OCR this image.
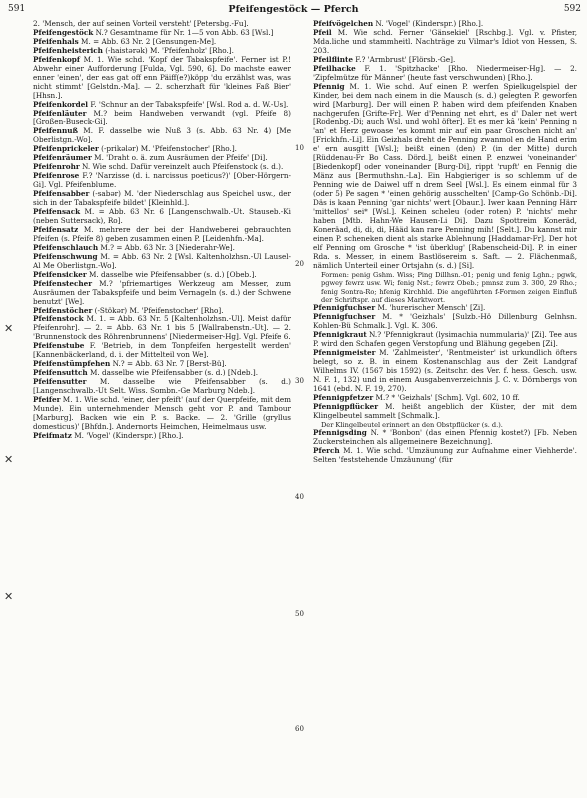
591	Pfeifengestöck — Pferch	592
✕
✕
✕
10
20
30
40
50
60

2. 'Mensch, der auf seinen Vorteil versteht' [Petersbg.-Fu].

Pfeifengestöck N.? Gesamtname für Nr. 1—5 von Abb. 63 [Wsl.]

Pfeifenhals M. = Abb. 63 Nr. 2 [Gensungen-Me].

Pfeifenheisterich (-haistərək) M. 'Pfeifenholz' [Rho.].

Pfeifenkopf M. 1. Wie schd. 'Kopf der Tabakspfeife'. Ferner ist P.! Abwehr einer Aufforderung [Fulda, Vgl. 590, 6]. Do machste eawer enner 'einen', der eas gat off enn Päiff(e?)köpp 'du erzählst was, was nicht stimmt' [Gelstdn.-Ma]. — 2. scherzhaft für 'kleines Faß Bier' [Hhsn.].

Pfeifenkordel F. 'Schnur an der Tabakspfeife' [Wsl. Rod a. d. W.-Us].

Pfeifenläuter M.? beim Handweben verwandt (vgl. Pfeife 8) [Großen-Buseck-Gi].

Pfeifennuß M. F. dasselbe wie Nuß 3 (s. Abb. 63 Nr. 4) [Me Oberlistgn.-Wo].

Pfeifenprickeler (-prikələr) M. 'Pfeifenstocher' [Rho.].

Pfeifenräumer M. 'Draht o. ä. zum Ausräumen der Pfeife' [Di].

Pfeifenrohr N. Wie schd. Dafür vereinzelt auch Pfeifenstock (s. d.).

Pfeifenrose F.? 'Narzisse (d. i. narcissus poeticus?)' [Ober-Hörgern-Gi]. Vgl. Pfeifenblume.

Pfeifensabber (-sabər) M. 'der Niederschlag aus Speichel usw., der sich in der Tabakspfeife bildet' [Kleinhld.].

Pfeifensack M. = Abb. 63 Nr. 6 [Langenschwalb.-Ut. Stauseb.-Ki (neben Suttersack), Ro].

Pfeifensatz M. mehrere der bei der Handweberei gebrauchten Pfeifen (s. Pfeife 8) geben zusammen einen P. [Leidenhfn.-Ma].

Pfeifenschlauch M.? = Abb. 63 Nr. 3 [Niederahr-We].

Pfeifenschwung M. = Abb. 63 Nr. 2 [Wsl. Kaltenholzhsn.-Ul Lausel-Al Me Oberlistgn.-Wo].

Pfeifensicker M. dasselbe wie Pfeifensabber (s. d.) [Obeb.].

Pfeifenstecher M.? 'pfriemartiges Werkzeug am Messer, zum Ausräumen der Tabakspfeife und beim Vernageln (s. d.) der Schwene benutzt' [We].

Pfeifenstöcher (-Stökər) M. 'Pfeifenstocher' [Rho].

Pfeifenstock M. 1. = Abb. 63 Nr. 5 [Kaltenholzhsn.-Ul]. Meist dafür Pfeifenrohr]. — 2. = Abb. 63 Nr. 1 bis 5 [Wallrabenstn.-Ut]. — 2. 'Brunnenstock des Röhrenbrunnens' [Niedermeiser-Hg]. Vgl. Pfeife 6.

Pfeifenstube F. 'Betrieb, in dem Tonpfeifen hergestellt werden' [Kannenbäckerland, d. i. der Mittelteil von We].

Pfeifenstümpfehen N.? = Abb. 63 Nr. 7 [Berst-Bü].

Pfeifensuttch M. dasselbe wie Pfeifensabber (s. d.) [Ndeb.].

Pfeifensutter M. dasselbe wie Pfeifensabber (s. d.) [Langenschwalb.-Ut Selt. Wiss. Sombn.-Ge Marburg Ndeb.].

Pfeifer M. 1. Wie schd. 'einer, der pfeift' (auf der Querpfeife, mit dem Munde). Ein unternehmender Mensch geht vor P. and Tambour [Marburg]. Backen wie ein P. s. Backe. — 2. 'Grille (gryllus domesticus)' [Bhfdn.]. Andernorts Heimchen, Heimelmaus usw.

Pfeifmatz M. 'Vogel' (Kinderspr.) [Rho.].

Pfeifvögelchen N. 'Vogel' (Kinderspr.) [Rho.].

Pfeil M. Wie schd. Ferner 'Gänsekiel' [Rschbg.]. Vgl. v. Pfister, Mda.liche und stammheitl. Nachträge zu Vilmar's Idiot von Hessen, S. 203.

Pfeilflinte F.? 'Armbrust' [Flörsb.-Ge].

Pfeilhacke F. 1. 'Spitzhacke' [Rho. Niedermeiser-Hg]. — 2. 'Zipfelmütze für Männer' (heute fast verschwunden) [Rho.].

Pfennig M. 1. Wie schd. Auf einen P. werfen Spielkugelspiel der Kinder, bei dem nach einem in die Mausch (s. d.) gelegten P. geworfen wird [Marburg]. Der will einen P. haben wird dem pfeifenden Knaben nachgerufen [Grifte-Fr]. Wer d'Penning net ehrt, es d' Daler net wert [Rodenbg.-Di; auch Wsl. und wohl öfter]. Et es mer kâ 'kein' Penning n 'an' et Herz gewoase 'es kommt mir auf ein paar Groschen nicht an' [Frickhfn.-Li]. Ein Geizhals dreht de Penning zwanmol en de Hand erim e' ern ausgitt [Wsl.]; beißt einen (den) P. (in der Mitte) durch [Rüddenau-Fr Bo Cass. Dörd.], beißt einen P. enzwei 'voneinander' [Biedenkopf] oder voneinander [Burg-Di], rippt 'rupft' en Fennig die Mänz aus [Bermuthshn.-La]. Ein Habgieriger is so schlemm uf de Penning wie de Daiwel uff n drem Seel [Wsl.]. Es einem einmal für 3 (oder 5) Pe sagen * 'einen gehörig ausschelten' [Camp-Go Schönb.-Di]. Däs is kaan Penning 'gar nichts' wert [Obaur.]. Iwer kaan Penning Härr 'mittellos' sei* [Wsl.]. Keinen scheleu (oder roten) P. 'nichts' mehr haben [Mtb. Hahn-We Hausen-Li Di]. Dazu Spottreim Koneräd, Koneräad, di, di, di, Hääd kan rare Penning mih! [Selt.]. Du kannst mir einen P. scheneken dient als starke Ablehnung [Haddamar-Fr]. Der hot elf Penning om Grosche * 'ist überklug' [Rabenscheid-Di]. P. in einer Rda. s. Messer, in einem Bastlösereim s. Saft. — 2. Flächenmaß, nämlich Unterteil einer Ortsjahn (s. d.) [Si].

Formen: penig Gshm. Wiss; Ping Dillhsn.-01; penig und fenig Lghn.; pgwk, pgwey fewrz usw. Wi; fenig Nst.; fewrz Obeb.; pmnsz zum 3. 300, 29 Rho.; fenig Sontra-Ro; hfenig Kirchhld. Die angeführten f-Formen zeigen Einfluß der Schriftspr. auf dieses Marktwort.

Pfennigfuchser M. 'hurerischer Mensch' [Zi].

Pfennigfuchser M. * 'Geizhals' [Sulzb.-Hö Dillenburg Gelnhsn. Kohlen-Bü Schmalk.]. Vgl. K. 306.

Pfennigkraut N.? 'Pfennigkraut (lysimachia nummularia)' [Zi]. Tee aus P. wird den Schafen gegen Verstopfung und Blähung gegeben [Zi].

Pfennigmeister M. 'Zahlmeister', 'Rentmeister' ist urkundlich öfters belegt, so z. B. in einem Kostenanschlag aus der Zeit Landgraf Wilhelms IV. (1567 bis 1592) (s. Zeitschr. des Ver. f. hess. Gesch. usw. N. F. 1, 132) und in einem Ausgabenverzeichnis J. C. v. Dörnbergs von 1641 (ebd. N. F. 19, 270).

Pfennigpfetzer M.? * 'Geizhals' [Schm]. Vgl. 602, 10 ff.

Pfennigpflücker M. heißt angeblich der Küster, der mit dem Klingelbeutel sammelt [Schmalk.].

Der Klingelbeutel erinnert an den Obstpflücker (s. d.).

Pfennigsding N. * 'Bonbon' (das einen Pfennig kostet?) [Fb. Neben Zuckersteinchen als allgemeinere Bezeichnung].

Pferch M. 1. Wie schd. 'Umzäunung zur Aufnahme einer Viehherde'. Selten 'feststehende Umzäunung' (für
